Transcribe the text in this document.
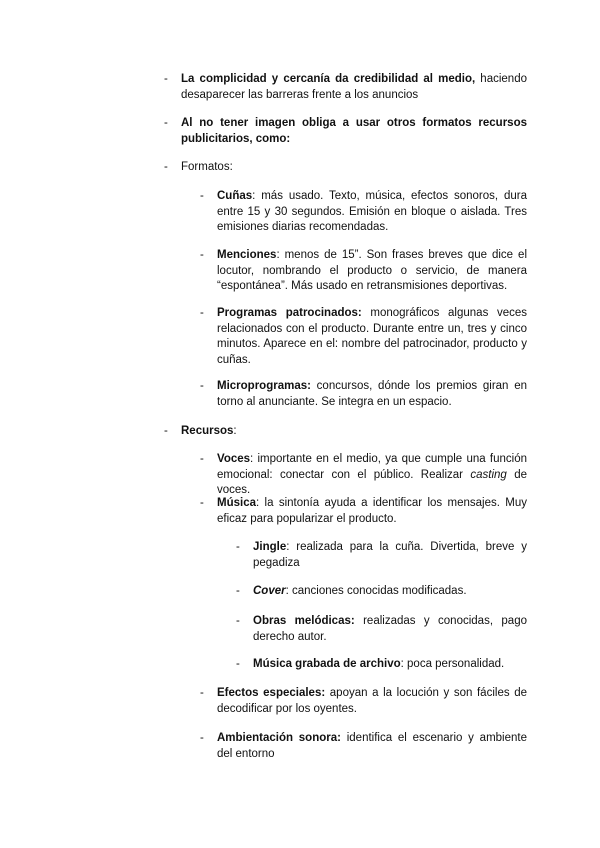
-	La complicidad y cercanía da credibilidad al medio, haciendo desaparecer las barreras frente a los anuncios
-	Al no tener imagen obliga a usar otros formatos recursos publicitarios, como:
-	Formatos:
-	Cuñas: más usado. Texto, música, efectos sonoros, dura entre 15 y 30 segundos. Emisión en bloque o aislada. Tres emisiones diarias recomendadas.
-	Menciones: menos de 15”. Son frases breves que dice el locutor, nombrando el producto o servicio, de manera “espontánea”. Más usado en retransmisiones deportivas.
-	Programas patrocinados: monográficos algunas veces relacionados con el producto. Durante entre un, tres y cinco minutos. Aparece en el: nombre del patrocinador, producto y cuñas.
-	Microprogramas: concursos, dónde los premios giran en torno al anunciante. Se integra en un espacio.
-	Recursos:
-	Voces: importante en el medio, ya que cumple una función emocional: conectar con el público. Realizar casting de voces.
-	Música: la sintonía ayuda a identificar los mensajes. Muy eficaz para popularizar el producto.
-	Jingle: realizada para la cuña. Divertida, breve y pegadiza
-	Cover: canciones conocidas modificadas.
-	Obras melódicas: realizadas y conocidas, pago derecho autor.
-	Música grabada de archivo: poca personalidad.
-	Efectos especiales: apoyan a la locución y son fáciles de decodificar por los oyentes.
-	Ambientación sonora: identifica el escenario y ambiente del entorno
